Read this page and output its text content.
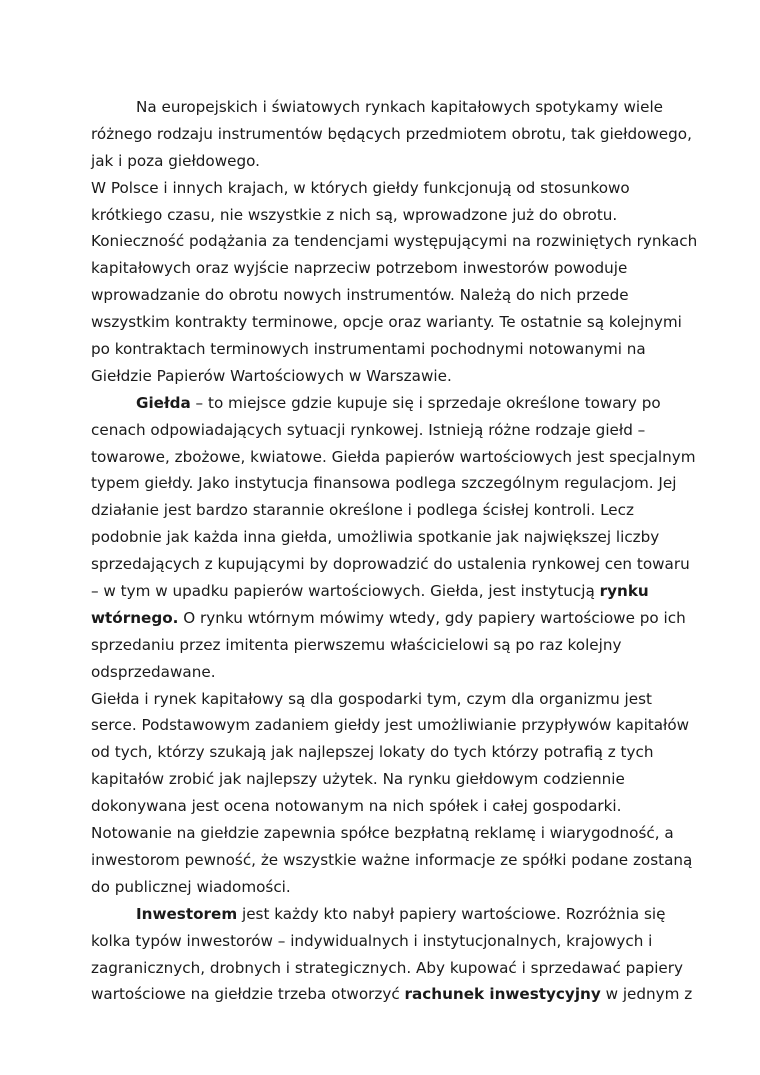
Na europejskich i światowych rynkach kapitałowych spotykamy wiele
różnego rodzaju instrumentów będących przedmiotem obrotu, tak giełdowego,
jak i poza giełdowego.
W Polsce i innych krajach, w których giełdy funkcjonują od stosunkowo
krótkiego czasu, nie wszystkie z nich są, wprowadzone już do obrotu.
Konieczność podążania za tendencjami występującymi na rozwiniętych rynkach
kapitałowych oraz wyjście naprzeciw potrzebom inwestorów powoduje
wprowadzanie do obrotu nowych instrumentów. Należą do nich przede
wszystkim kontrakty terminowe, opcje oraz warianty. Te ostatnie są kolejnymi
po kontraktach terminowych instrumentami pochodnymi notowanymi na
Giełdzie Papierów Wartościowych w Warszawie.
Giełda – to miejsce gdzie kupuje się i sprzedaje określone towary po
cenach odpowiadających sytuacji rynkowej. Istnieją różne rodzaje giełd –
towarowe, zbożowe, kwiatowe. Giełda papierów wartościowych jest specjalnym
typem giełdy. Jako instytucja finansowa podlega szczególnym regulacjom. Jej
działanie jest bardzo starannie określone i podlega ścisłej kontroli. Lecz
podobnie jak każda inna giełda, umożliwia spotkanie jak największej liczby
sprzedających z kupującymi by doprowadzić do ustalenia rynkowej cen towaru
– w tym w upadku papierów wartościowych. Giełda, jest instytucją rynku
wtórnego. O rynku wtórnym mówimy wtedy, gdy papiery wartościowe po ich
sprzedaniu przez imitenta pierwszemu właścicielowi są po raz kolejny
odsprzedawane.
Giełda i rynek kapitałowy są dla gospodarki tym, czym dla organizmu jest
serce. Podstawowym zadaniem giełdy jest umożliwianie przypływów kapitałów
od tych, którzy szukają jak najlepszej lokaty do tych którzy potrafią z tych
kapitałów zrobić jak najlepszy użytek. Na rynku giełdowym codziennie
dokonywana jest ocena notowanym na nich spółek i całej gospodarki.
Notowanie na giełdzie zapewnia spółce bezpłatną reklamę i wiarygodność, a
inwestorom pewność, że wszystkie ważne informacje ze spółki podane zostaną
do publicznej wiadomości.
Inwestorem jest każdy kto nabył papiery wartościowe. Rozróżnia się
kolka typów inwestorów – indywidualnych i instytucjonalnych, krajowych i
zagranicznych, drobnych i strategicznych. Aby kupować i sprzedawać papiery
wartościowe na giełdzie trzeba otworzyć rachunek inwestycyjny w jednym z
